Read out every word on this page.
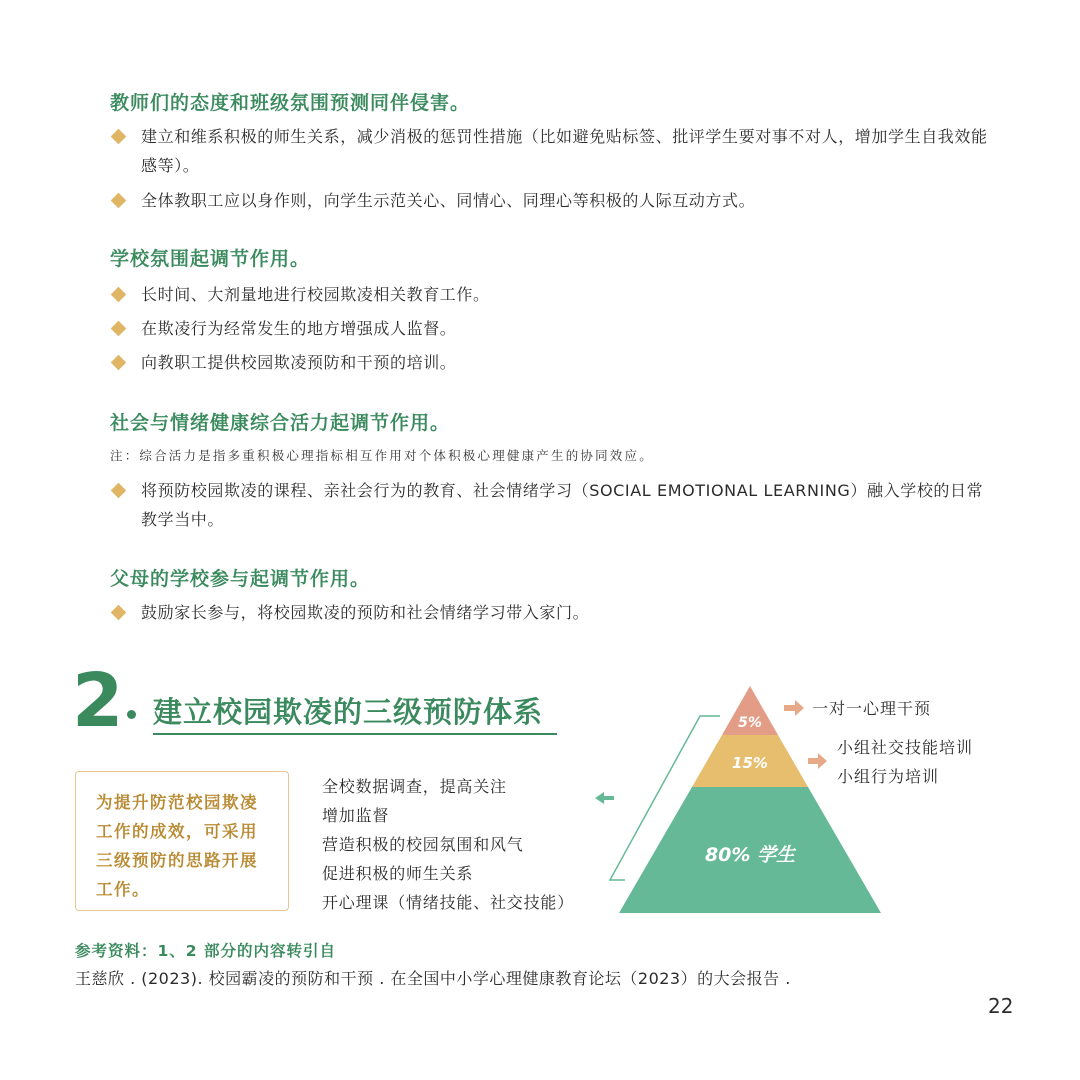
教师们的态度和班级氛围预测同伴侵害。
建立和维系积极的师生关系，减少消极的惩罚性措施（比如避免贴标签、批评学生要对事不对人，增加学生自我效能感等）。
全体教职工应以身作则，向学生示范关心、同情心、同理心等积极的人际互动方式。
学校氛围起调节作用。
长时间、大剂量地进行校园欺凌相关教育工作。
在欺凌行为经常发生的地方增强成人监督。
向教职工提供校园欺凌预防和干预的培训。
社会与情绪健康综合活力起调节作用。
注：综合活力是指多重积极心理指标相互作用对个体积极心理健康产生的协同效应。
将预防校园欺凌的课程、亲社会行为的教育、社会情绪学习（SOCIAL EMOTIONAL LEARNING）融入学校的日常教学当中。
父母的学校参与起调节作用。
鼓励家长参与，将校园欺凌的预防和社会情绪学习带入家门。
2 建立校园欺凌的三级预防体系
为提升防范校园欺凌工作的成效，可采用三级预防的思路开展工作。
全校数据调查，提高关注
增加监督
营造积极的校园氛围和风气
促进积极的师生关系
开心理课（情绪技能、社交技能）
5%
15%
80% 学生
一对一心理干预
小组社交技能培训
小组行为培训
参考资料：1、2 部分的内容转引自
王慈欣 . (2023). 校园霸凌的预防和干预 . 在全国中小学心理健康教育论坛（2023）的大会报告 .
22
